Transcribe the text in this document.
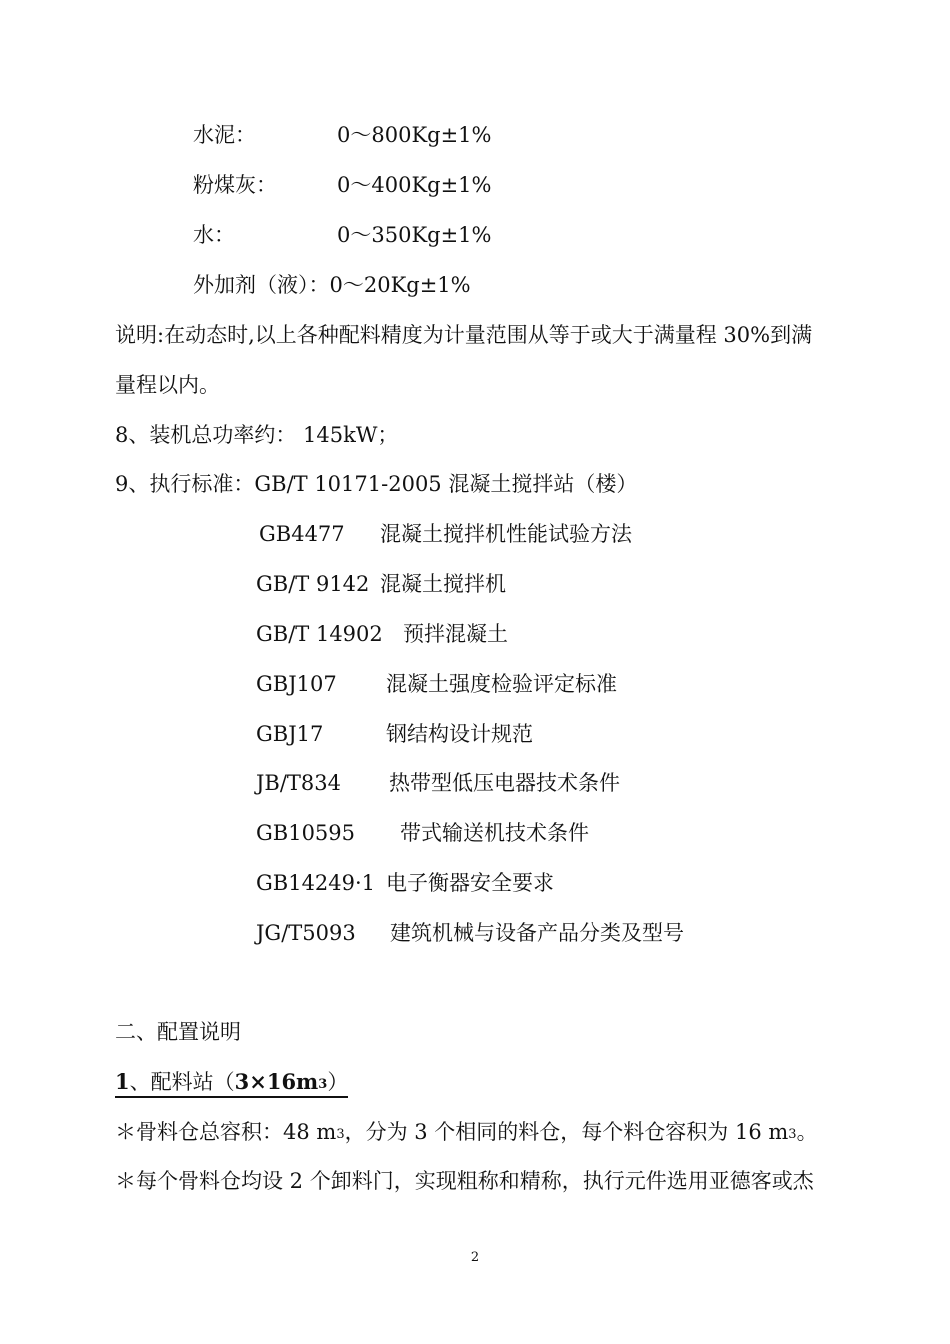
水泥：	0～800Kg±1%
粉煤灰：	0～400Kg±1%
水：	0～350Kg±1%
外加剂（液）：0～20Kg±1%
说明:在动态时,以上各种配料精度为计量范围从等于或大于满量程 30%到满
量程以内。
8、装机总功率约： 145kW；
9、执行标准：GB/T 10171-2005 混凝土搅拌站（楼）
GB4477 混凝土搅拌机性能试验方法
GB/T 9142 混凝土搅拌机
GB/T 14902 预拌混凝土
GBJ107 混凝土强度检验评定标准
GBJ17	钢结构设计规范
JB/T834 热带型低压电器技术条件
GB10595 带式输送机技术条件
GB14249·1 电子衡器安全要求
JG/T5093 建筑机械与设备产品分类及型号
二、配置说明
1、配料站$(3\times 16m_3)$
＊骨料仓总容积：48 $m_3$，分为 3 个相同的料仓，每个料仓容积为 16 $m_3$。
＊每个骨料仓均设 2 个卸料门，实现粗称和精称，执行元件选用亚德客或杰
2
